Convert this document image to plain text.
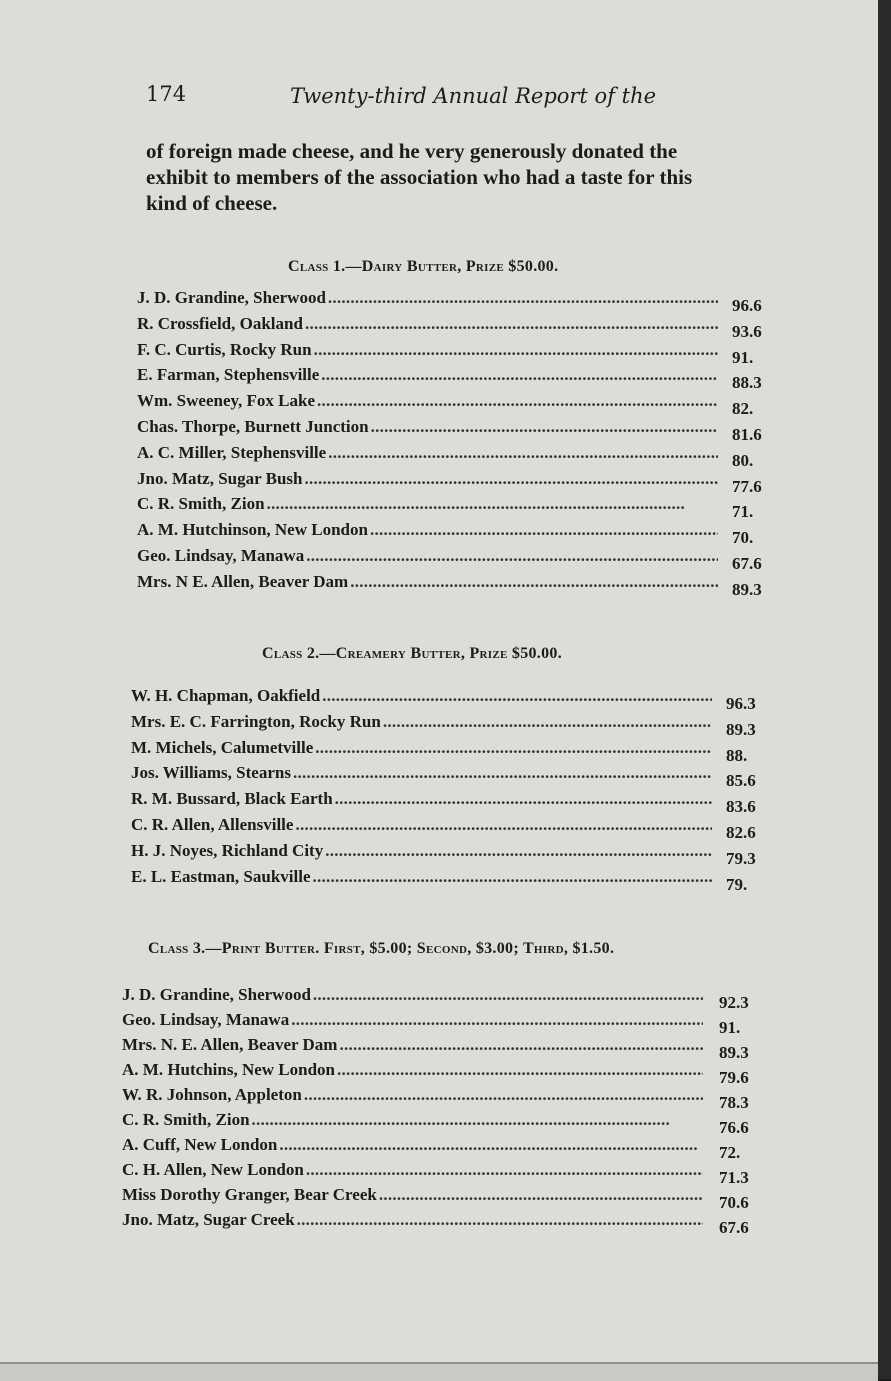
174	Twenty-third Annual Report of the
of foreign made cheese, and he very generously donated the
exhibit to members of the association who had a taste for this
kind of cheese.
Class 1.—Dairy Butter, Prize $50.00.
J. D. Grandine, Sherwood . . .	96.6
R. Crossfield, Oakland . . .	93.6
F. C. Curtis, Rocky Run . . .	91.
E. Farman, Stephensville . . .	88.3
Wm. Sweeney, Fox Lake . . .	82.
Chas. Thorpe, Burnett Junction . . .	81.6
A. C. Miller, Stephensville . . .	80.
Jno. Matz, Sugar Bush . . .	77.6
C. R. Smith, Zion . . .	71.
A. M. Hutchinson, New London . . .	70.
Geo. Lindsay, Manawa . . .	67.6
Mrs. N E. Allen, Beaver Dam . . .	89.3
Class 2.—Creamery Butter, Prize $50.00.
W. H. Chapman, Oakfield . . .	96.3
Mrs. E. C. Farrington, Rocky Run . . .	89.3
M. Michels, Calumetville . . .	88.
Jos. Williams, Stearns . . .	85.6
R. M. Bussard, Black Earth . . .	83.6
C. R. Allen, Allensville . . .	82.6
H. J. Noyes, Richland City . . .	79.3
E. L. Eastman, Saukville . . .	79.
Class 3.—Print Butter. First, $5.00; Second, $3.00; Third, $1.50.
J. D. Grandine, Sherwood . . .	92.3
Geo. Lindsay, Manawa . . .	91.
Mrs. N. E. Allen, Beaver Dam . . .	89.3
A. M. Hutchins, New London . . .	79.6
W. R. Johnson, Appleton . . .	78.3
C. R. Smith, Zion . . .	76.6
A. Cuff, New London . . .	72.
C. H. Allen, New London . . .	71.3
Miss Dorothy Granger, Bear Creek . . .	70.6
Jno. Matz, Sugar Creek . . .	67.6
